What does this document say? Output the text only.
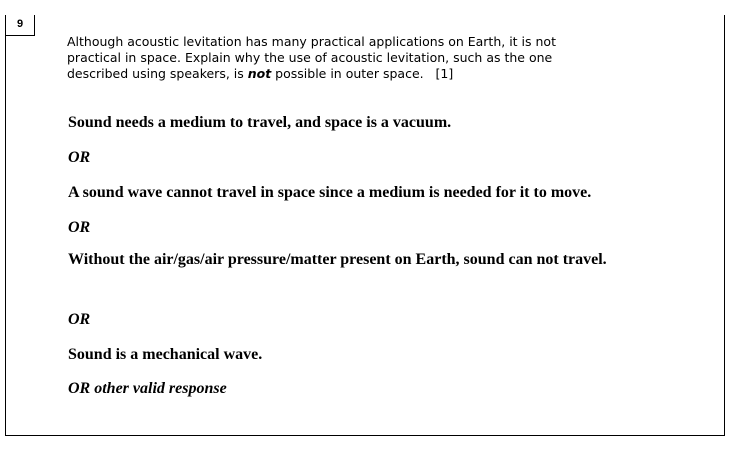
9
Although acoustic levitation has many practical applications on Earth, it is not
practical in space. Explain why the use of acoustic levitation, such as the one
described using speakers, is not possible in outer space. [1]
Sound needs a medium to travel, and space is a vacuum.
OR
A sound wave cannot travel in space since a medium is needed for it to move.
OR
Without the air/gas/air pressure/matter present on Earth, sound can not travel.
OR
Sound is a mechanical wave.
OR other valid response
